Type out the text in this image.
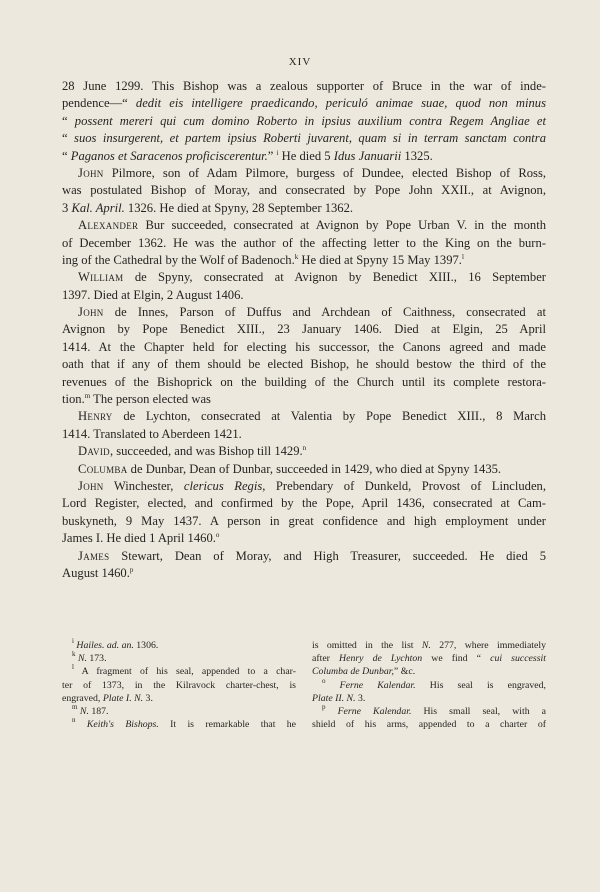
XIV
28 June 1299. This Bishop was a zealous supporter of Bruce in the war of inde-
pendence—“ dedit eis intelligere praedicando, periculó animae suae, quod non minus
“ possent mereri qui cum domino Roberto in ipsius auxilium contra Regem Angliae et
“ suos insurgerent, et partem ipsius Roberti juvarent, quam si in terram sanctam contra
“ Paganos et Saracenos proficiscerentur.” $^i$ He died 5 Idus Januarii 1325.
John Pilmore, son of Adam Pilmore, burgess of Dundee, elected Bishop of Ross,
was postulated Bishop of Moray, and consecrated by Pope John XXII., at Avignon,
3 Kal. April. 1326. He died at Spyny, 28 September 1362.
Alexander Bur succeeded, consecrated at Avignon by Pope Urban V. in the month
of December 1362. He was the author of the affecting letter to the King on the burn-
ing of the Cathedral by the Wolf of Badenoch.$^k$ He died at Spyny 15 May 1397.$^l$
William de Spyny, consecrated at Avignon by Benedict XIII., 16 September
1397. Died at Elgin, 2 August 1406.
John de Innes, Parson of Duffus and Archdean of Caithness, consecrated at
Avignon by Pope Benedict XIII., 23 January 1406. Died at Elgin, 25 April
1414. At the Chapter held for electing his successor, the Canons agreed and made
oath that if any of them should be elected Bishop, he should bestow the third of the
revenues of the Bishoprick on the building of the Church until its complete restora-
tion.$^m$ The person elected was
Henry de Lychton, consecrated at Valentia by Pope Benedict XIII., 8 March
1414. Translated to Aberdeen 1421.
David, succeeded, and was Bishop till 1429.$^n$
Columba de Dunbar, Dean of Dunbar, succeeded in 1429, who died at Spyny 1435.
John Winchester, clericus Regis, Prebendary of Dunkeld, Provost of Lincluden,
Lord Register, elected, and confirmed by the Pope, April 1436, consecrated at Cam-
buskyneth, 9 May 1437. A person in great confidence and high employment under
James I. He died 1 April 1460.$^o$
James Stewart, Dean of Moray, and High Treasurer, succeeded. He died 5
August 1460.$^p$
$^i$ Hailes. ad. an. 1306.
$^k$ N. 173.
$^l$ A fragment of his seal, appended to a char-
ter of 1373, in the Kilravock charter-chest, is
engraved, Plate I. N. 3.
$^m$ N. 187.
$^n$ Keith's Bishops. It is remarkable that he
is omitted in the list N. 277, where immediately
after Henry de Lychton we find “ cui successit
Columba de Dunbar,” &c.
$^o$ Ferne Kalendar. His seal is engraved,
Plate II. N. 3.
$^p$ Ferne Kalendar. His small seal, with a
shield of his arms, appended to a charter of
